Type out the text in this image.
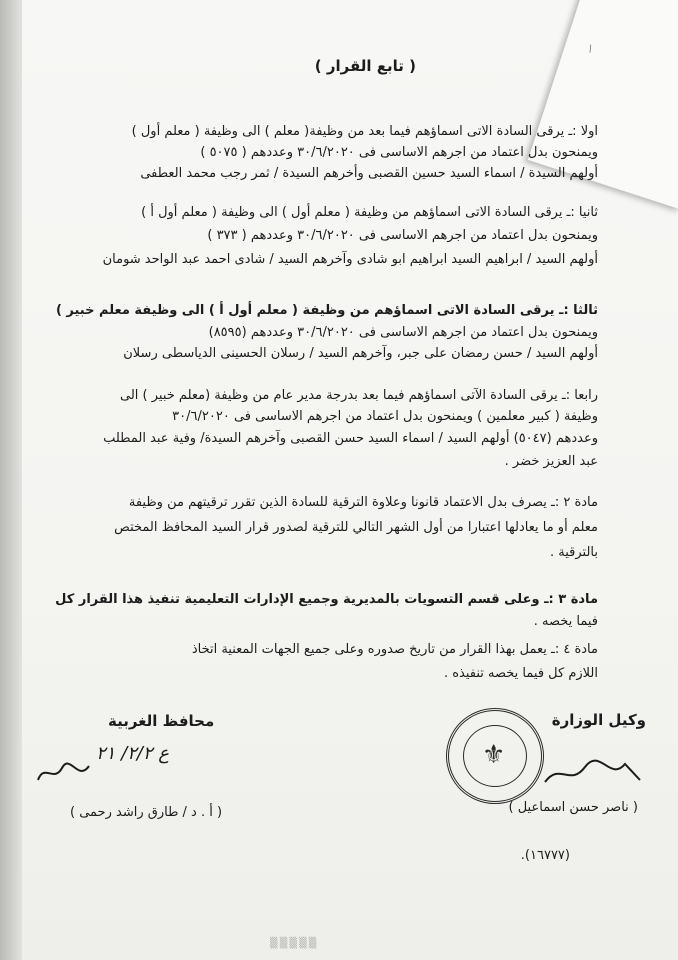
—
( تابع القرار )
اولا :ـ يرقى السادة الاتى اسماؤهم فيما بعد من وظيفة( معلم ) الى وظيفة ( معلم أول )
ويمنحون بدل اعتماد من اجرهم الاساسى فى ٣٠/٦/٢٠٢٠ وعددهم ( ٥٠٧٥ )
أولهم السيدة / اسماء السيد حسين القصبى وأخرهم السيدة / ثمر رجب محمد العطفى
ثانيا :ـ يرقى السادة الاتى اسماؤهم من وظيفة ( معلم أول ) الى وظيفة ( معلم أول أ )
ويمنحون بدل اعتماد من اجرهم الاساسى فى ٣٠/٦/٢٠٢٠ وعددهم ( ٣٧٣ )
أولهم السيد / ابراهيم السيد ابراهيم ابو شادى وآخرهم السيد / شادى احمد عبد الواحد شومان
ثالثا :ـ يرقى السادة الاتى اسماؤهم من وظيفة ( معلم أول أ ) الى وظيفة معلم خبير )
ويمنحون بدل اعتماد من اجرهم الاساسى فى ٣٠/٦/٢٠٢٠ وعددهم (٨٥٩٥)
أولهم السيد / حسن رمضان على جبر، وآخرهم السيد / رسلان الحسينى الدياسطى رسلان
رابعا :ـ يرقى السادة الآتى اسماؤهم فيما بعد بدرجة مدير عام من وظيفة (معلم خبير ) الى
وظيفة ( كبير معلمين ) ويمنحون بدل اعتماد من اجرهم الاساسى فى ٣٠/٦/٢٠٢٠
وعددهم (٥٠٤٧) أولهم السيد / اسماء السيد حسن القصبى وآخرهم السيدة/ وفية عبد المطلب
عبد العزيز خضر .
مادة ٢ :ـ يصرف بدل الاعتماد قانونا وعلاوة الترقية للسادة الذين تقرر ترقيتهم من وظيفة
معلم أو ما يعادلها اعتبارا من أول الشهر التالي للترقية لصدور قرار السيد المحافظ المختص
بالترقية .
مادة ٣ :ـ وعلى قسم التسويات بالمديرية وجميع الإدارات التعليمية تنفيذ هذا القرار كل
فيما يخصه .
مادة ٤ :ـ يعمل بهذا القرار من تاريخ صدوره وعلى جميع الجهات المعنية اتخاذ
اللازم كل فيما يخصه تنفيذه .
وكيل الوزارة
⚜
( ناصر حسن اسماعيل )
(١٦٧٧٧).
محافظ الغربية
ع ٢/٢/ ٢١
( أ . د / طارق راشد رحمى )
▒▒▒▒▒
